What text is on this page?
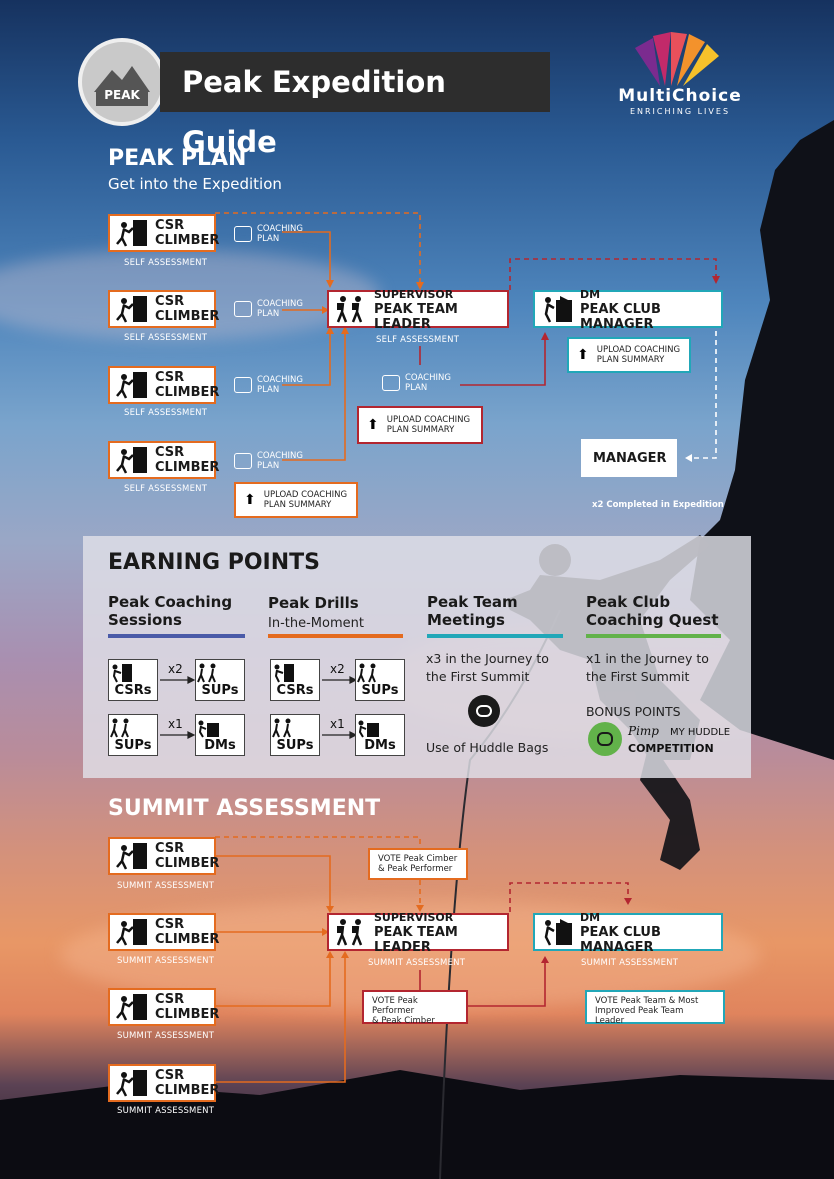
PEAK	Peak Expedition Guide
MultiChoice
ENRICHING LIVES
PEAK PLAN
Get into the Expedition
CSR
CLIMBER
SELF ASSESSMENT
CSR
CLIMBER
SELF ASSESSMENT
CSR
CLIMBER
SELF ASSESSMENT
CSR
CLIMBER
SELF ASSESSMENT
COACHING
PLAN
COACHING
PLAN
COACHING
PLAN
COACHING
PLAN
COACHING
PLAN
SUPERVISOR
PEAK TEAM LEADER
SELF ASSESSMENT
DM
PEAK CLUB MANAGER
⬆ UPLOAD COACHING
PLAN SUMMARY
⬆ UPLOAD COACHING
PLAN SUMMARY
⬆ UPLOAD COACHING
PLAN SUMMARY
MANAGER
x2 Completed in Expedition
EARNING POINTS
Peak Coaching
Sessions
Peak Drills
In-the-Moment
Peak Team
Meetings
Peak Club
Coaching Quest
CSRs
x2
SUPs
SUPs
x1
DMs
CSRs
x2
SUPs
SUPs
x1
DMs
x3 in the Journey to
the First Summit
Use of Huddle Bags
x1 in the Journey to
the First Summit
BONUS POINTS
Pimp MY HUDDLE
COMPETITION
SUMMIT ASSESSMENT
CSR
CLIMBER
SUMMIT ASSESSMENT
CSR
CLIMBER
SUMMIT ASSESSMENT
CSR
CLIMBER
SUMMIT ASSESSMENT
CSR
CLIMBER
SUMMIT ASSESSMENT
VOTE Peak Cimber
& Peak Performer
SUPERVISOR
PEAK TEAM LEADER
SUMMIT ASSESSMENT
DM
PEAK CLUB MANAGER
SUMMIT ASSESSMENT
VOTE Peak Performer
& Peak Cimber
VOTE Peak Team & Most
Improved Peak Team Leader
